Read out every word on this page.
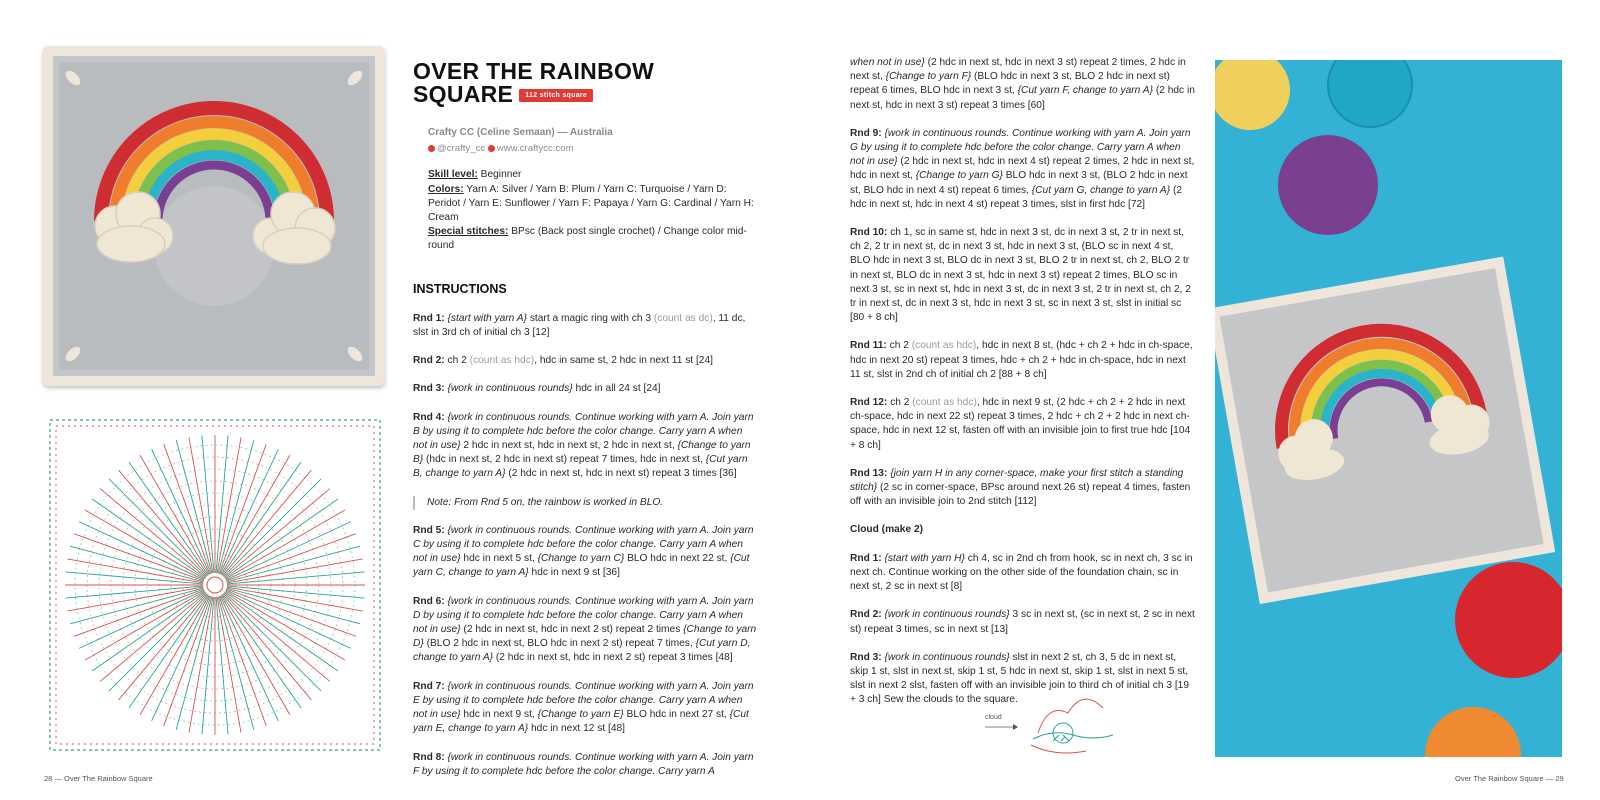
OVER THE RAINBOW
SQUARE 112 stitch square
Crafty CC (Celine Semaan) — Australia
@crafty_cc www.craftycc.com
Skill level: Beginner
Colors: Yarn A: Silver / Yarn B: Plum / Yarn C: Turquoise / Yarn D: Peridot / Yarn E: Sunflower / Yarn F: Papaya / Yarn G: Cardinal / Yarn H: Cream
Special stitches: BPsc (Back post single crochet) / Change color mid-round
INSTRUCTIONS
Rnd 1: {start with yarn A} start a magic ring with ch 3 (count as dc), 11 dc, slst in 3rd ch of initial ch 3 [12]
Rnd 2: ch 2 (count as hdc), hdc in same st, 2 hdc in next 11 st [24]
Rnd 3: {work in continuous rounds} hdc in all 24 st [24]
Rnd 4: {work in continuous rounds. Continue working with yarn A. Join yarn B by using it to complete hdc before the color change. Carry yarn A when not in use} 2 hdc in next st, hdc in next st, 2 hdc in next st, {Change to yarn B} (hdc in next st, 2 hdc in next st) repeat 7 times, hdc in next st, {Cut yarn B, change to yarn A} (2 hdc in next st, hdc in next st) repeat 3 times [36]
Note: From Rnd 5 on, the rainbow is worked in BLO.
Rnd 5: {work in continuous rounds. Continue working with yarn A. Join yarn C by using it to complete hdc before the color change. Carry yarn A when not in use} hdc in next 5 st, {Change to yarn C} BLO hdc in next 22 st, {Cut yarn C, change to yarn A} hdc in next 9 st [36]
Rnd 6: {work in continuous rounds. Continue working with yarn A. Join yarn D by using it to complete hdc before the color change. Carry yarn A when not in use} (2 hdc in next st, hdc in next 2 st) repeat 2 times {Change to yarn D} (BLO 2 hdc in next st, BLO hdc in next 2 st) repeat 7 times, {Cut yarn D, change to yarn A} (2 hdc in next st, hdc in next 2 st) repeat 3 times [48]
Rnd 7: {work in continuous rounds. Continue working with yarn A. Join yarn E by using it to complete hdc before the color change. Carry yarn A when not in use} hdc in next 9 st, {Change to yarn E} BLO hdc in next 27 st, {Cut yarn E, change to yarn A} hdc in next 12 st [48]
Rnd 8: {work in continuous rounds. Continue working with yarn A. Join yarn F by using it to complete hdc before the color change. Carry yarn A
when not in use} (2 hdc in next st, hdc in next 3 st) repeat 2 times, 2 hdc in next st, {Change to yarn F} (BLO hdc in next 3 st, BLO 2 hdc in next st) repeat 6 times, BLO hdc in next 3 st, {Cut yarn F, change to yarn A} (2 hdc in next st, hdc in next 3 st) repeat 3 times [60]
Rnd 9: {work in continuous rounds. Continue working with yarn A. Join yarn G by using it to complete hdc before the color change. Carry yarn A when not in use} (2 hdc in next st, hdc in next 4 st) repeat 2 times, 2 hdc in next st, hdc in next st, {Change to yarn G} BLO hdc in next 3 st, (BLO 2 hdc in next st, BLO hdc in next 4 st) repeat 6 times, {Cut yarn G, change to yarn A} (2 hdc in next st, hdc in next 4 st) repeat 3 times, slst in first hdc [72]
Rnd 10: ch 1, sc in same st, hdc in next 3 st, dc in next 3 st, 2 tr in next st, ch 2, 2 tr in next st, dc in next 3 st, hdc in next 3 st, (BLO sc in next 4 st, BLO hdc in next 3 st, BLO dc in next 3 st, BLO 2 tr in next st, ch 2, BLO 2 tr in next st, BLO dc in next 3 st, hdc in next 3 st) repeat 2 times, BLO sc in next 3 st, sc in next st, hdc in next 3 st, dc in next 3 st, 2 tr in next st, ch 2, 2 tr in next st, dc in next 3 st, hdc in next 3 st, sc in next 3 st, slst in initial sc [80 + 8 ch]
Rnd 11: ch 2 (count as hdc), hdc in next 8 st, (hdc + ch 2 + hdc in ch-space, hdc in next 20 st) repeat 3 times, hdc + ch 2 + hdc in ch-space, hdc in next 11 st, slst in 2nd ch of initial ch 2 [88 + 8 ch]
Rnd 12: ch 2 (count as hdc), hdc in next 9 st, (2 hdc + ch 2 + 2 hdc in next ch-space, hdc in next 22 st) repeat 3 times, 2 hdc + ch 2 + 2 hdc in next ch-space, hdc in next 12 st, fasten off with an invisible join to first true hdc [104 + 8 ch]
Rnd 13: {join yarn H in any corner-space, make your first stitch a standing stitch} (2 sc in corner-space, BPsc around next 26 st) repeat 4 times, fasten off with an invisible join to 2nd stitch [112]
Cloud (make 2)
Rnd 1: {start with yarn H} ch 4, sc in 2nd ch from hook, sc in next ch, 3 sc in next ch. Continue working on the other side of the foundation chain, sc in next st, 2 sc in next st [8]
Rnd 2: {work in continuous rounds} 3 sc in next st, (sc in next st, 2 sc in next st) repeat 3 times, sc in next st [13]
Rnd 3: {work in continuous rounds} slst in next 2 st, ch 3, 5 dc in next st, skip 1 st, slst in next st, skip 1 st, 5 hdc in next st, skip 1 st, slst in next 5 st, slst in next 2 slst, fasten off with an invisible join to third ch of initial ch 3 [19 + 3 ch] Sew the clouds to the square.
cloud
28 — Over The Rainbow Square	Over The Rainbow Square — 29
